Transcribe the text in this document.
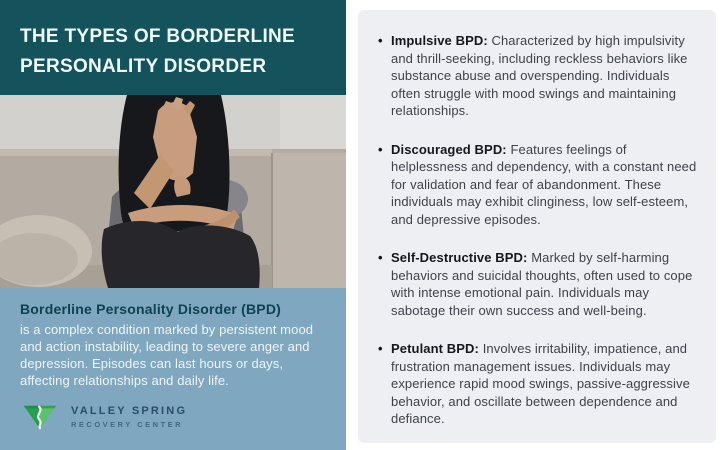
THE TYPES OF BORDERLINE
PERSONALITY DISORDER

Borderline Personality Disorder (BPD)

is a complex condition marked by persistent mood and action instability, leading to severe anger and depression. Episodes can last hours or days, affecting relationships and daily life.

VALLEY SPRING
RECOVERY CENTER
• Impulsive BPD: Characterized by high impulsivity and thrill-seeking, including reckless behaviors like substance abuse and overspending. Individuals often struggle with mood swings and maintaining relationships.
• Discouraged BPD: Features feelings of helplessness and dependency, with a constant need for validation and fear of abandonment. These individuals may exhibit clinginess, low self-esteem, and depressive episodes.
• Self-Destructive BPD: Marked by self-harming behaviors and suicidal thoughts, often used to cope with intense emotional pain. Individuals may sabotage their own success and well-being.
• Petulant BPD: Involves irritability, impatience, and frustration management issues. Individuals may experience rapid mood swings, passive-aggressive behavior, and oscillate between dependence and defiance.
